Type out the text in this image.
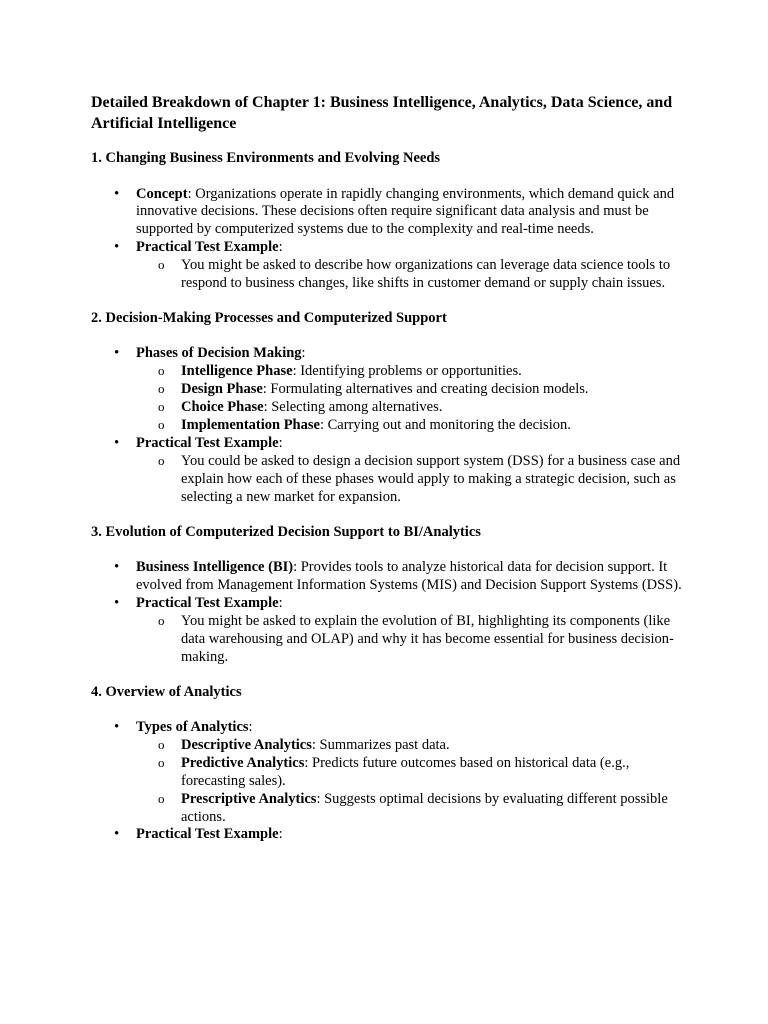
Detailed Breakdown of Chapter 1: Business Intelligence, Analytics, Data Science, and Artificial Intelligence
1. Changing Business Environments and Evolving Needs
• Concept: Organizations operate in rapidly changing environments, which demand quick and innovative decisions. These decisions often require significant data analysis and must be supported by computerized systems due to the complexity and real-time needs.
• Practical Test Example:
o You might be asked to describe how organizations can leverage data science tools to respond to business changes, like shifts in customer demand or supply chain issues.
2. Decision-Making Processes and Computerized Support
• Phases of Decision Making:
o Intelligence Phase: Identifying problems or opportunities.
o Design Phase: Formulating alternatives and creating decision models.
o Choice Phase: Selecting among alternatives.
o Implementation Phase: Carrying out and monitoring the decision.
• Practical Test Example:
o You could be asked to design a decision support system (DSS) for a business case and explain how each of these phases would apply to making a strategic decision, such as selecting a new market for expansion.
3. Evolution of Computerized Decision Support to BI/Analytics
• Business Intelligence (BI): Provides tools to analyze historical data for decision support. It evolved from Management Information Systems (MIS) and Decision Support Systems (DSS).
• Practical Test Example:
o You might be asked to explain the evolution of BI, highlighting its components (like data warehousing and OLAP) and why it has become essential for business decision-making.
4. Overview of Analytics
• Types of Analytics:
o Descriptive Analytics: Summarizes past data.
o Predictive Analytics: Predicts future outcomes based on historical data (e.g., forecasting sales).
o Prescriptive Analytics: Suggests optimal decisions by evaluating different possible actions.
• Practical Test Example:
